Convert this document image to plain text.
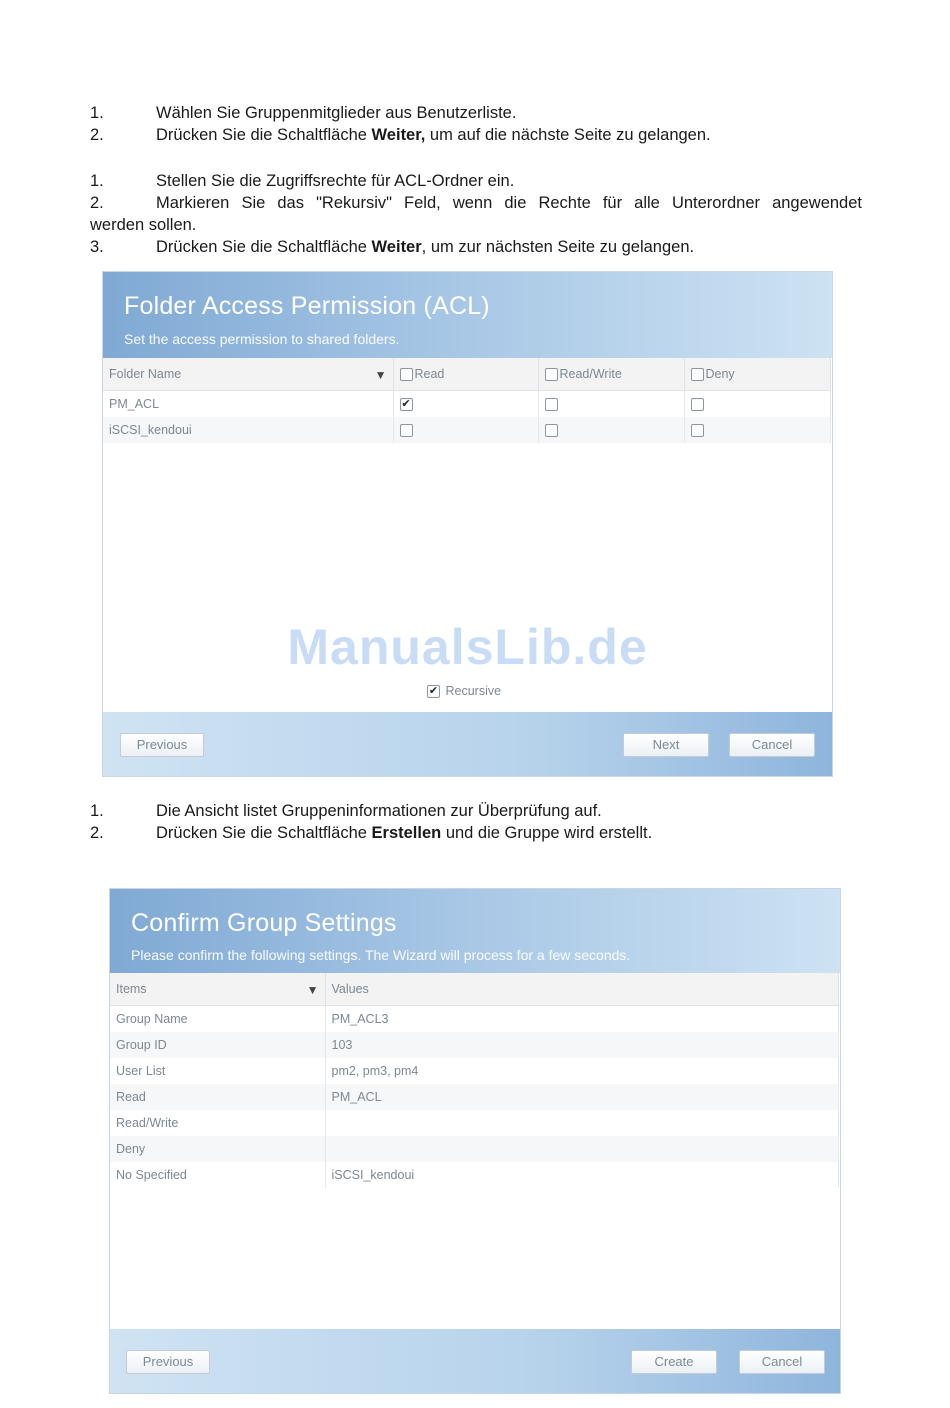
1.	Wählen Sie Gruppenmitglieder aus Benutzerliste.
2.	Drücken Sie die Schaltfläche Weiter, um auf die nächste Seite zu gelangen.
1.	Stellen Sie die Zugriffsrechte für ACL-Ordner ein.
2.	Markieren Sie das "Rekursiv" Feld, wenn die Rechte für alle Unterordner angewendet
werden sollen.
3.	Drücken Sie die Schaltfläche Weiter, um zur nächsten Seite zu gelangen.
Folder Access Permission (ACL)
Set the access permission to shared folders.
Folder Name ▼	Read	Read/Write	Deny
PM_ACL	✔		
iSCSI_kendoui			
ManualsLib.de
✔ Recursive
Previous	Next	Cancel
1.	Die Ansicht listet Gruppeninformationen zur Überprüfung auf.
2.	Drücken Sie die Schaltfläche Erstellen und die Gruppe wird erstellt.
Confirm Group Settings
Please confirm the following settings. The Wizard will process for a few seconds.
Items ▼	Values
Group Name	PM_ACL3
Group ID	103
User List	pm2, pm3, pm4
Read	PM_ACL
Read/Write	
Deny	
No Specified	iSCSI_kendoui
Previous	Create	Cancel
